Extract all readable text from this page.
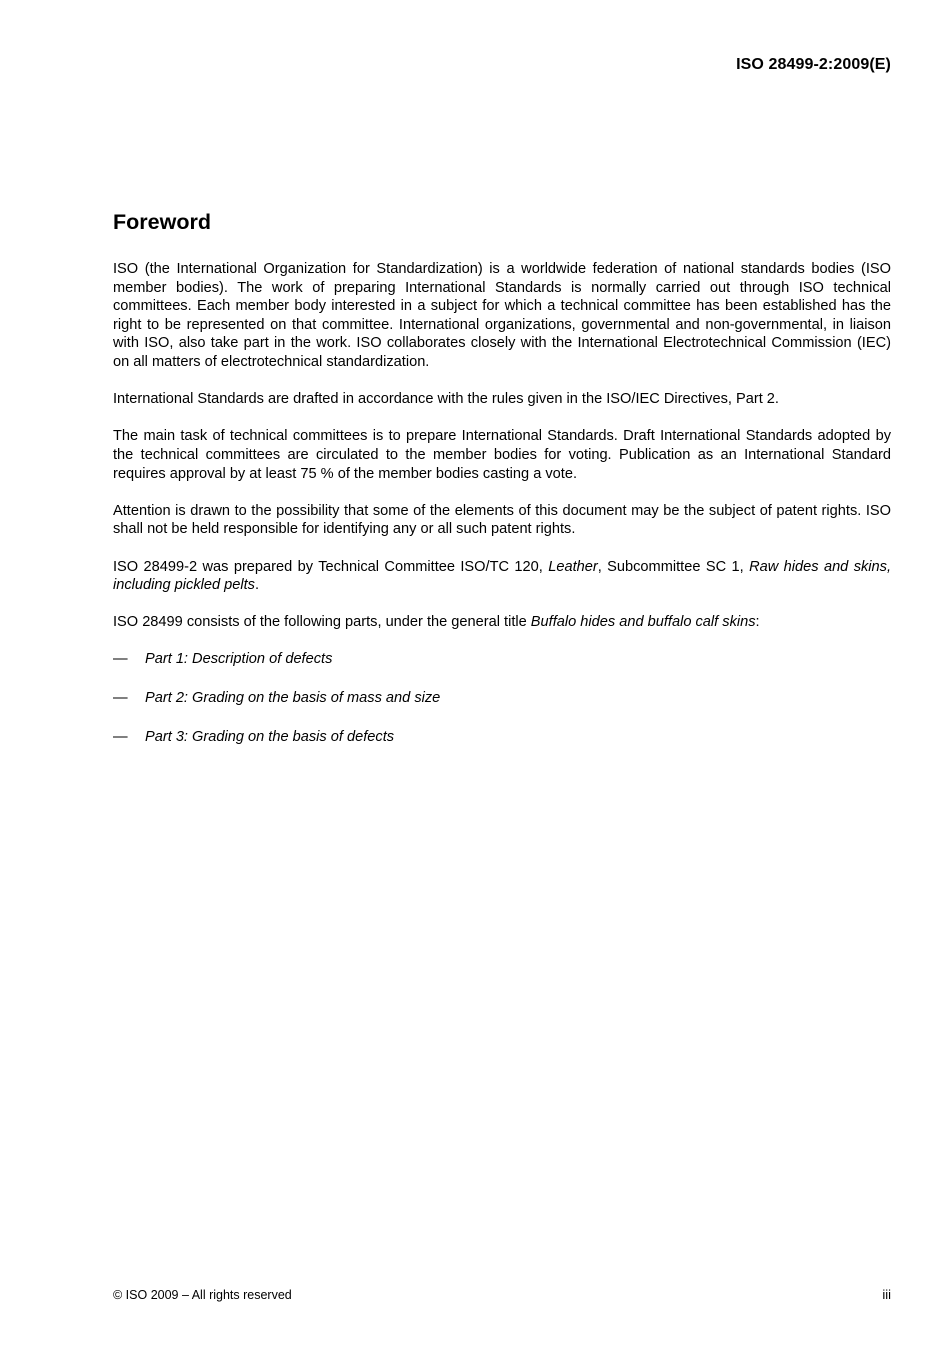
ISO 28499-2:2009(E)
Foreword

ISO (the International Organization for Standardization) is a worldwide federation of national standards bodies (ISO member bodies). The work of preparing International Standards is normally carried out through ISO technical committees. Each member body interested in a subject for which a technical committee has been established has the right to be represented on that committee. International organizations, governmental and non-governmental, in liaison with ISO, also take part in the work. ISO collaborates closely with the International Electrotechnical Commission (IEC) on all matters of electrotechnical standardization.

International Standards are drafted in accordance with the rules given in the ISO/IEC Directives, Part 2.

The main task of technical committees is to prepare International Standards. Draft International Standards adopted by the technical committees are circulated to the member bodies for voting. Publication as an International Standard requires approval by at least 75 % of the member bodies casting a vote.

Attention is drawn to the possibility that some of the elements of this document may be the subject of patent rights. ISO shall not be held responsible for identifying any or all such patent rights.

ISO 28499-2 was prepared by Technical Committee ISO/TC 120, Leather, Subcommittee SC 1, Raw hides and skins, including pickled pelts.

ISO 28499 consists of the following parts, under the general title Buffalo hides and buffalo calf skins:

— Part 1: Description of defects
— Part 2: Grading on the basis of mass and size
— Part 3: Grading on the basis of defects
© ISO 2009 – All rights reserved	iii
